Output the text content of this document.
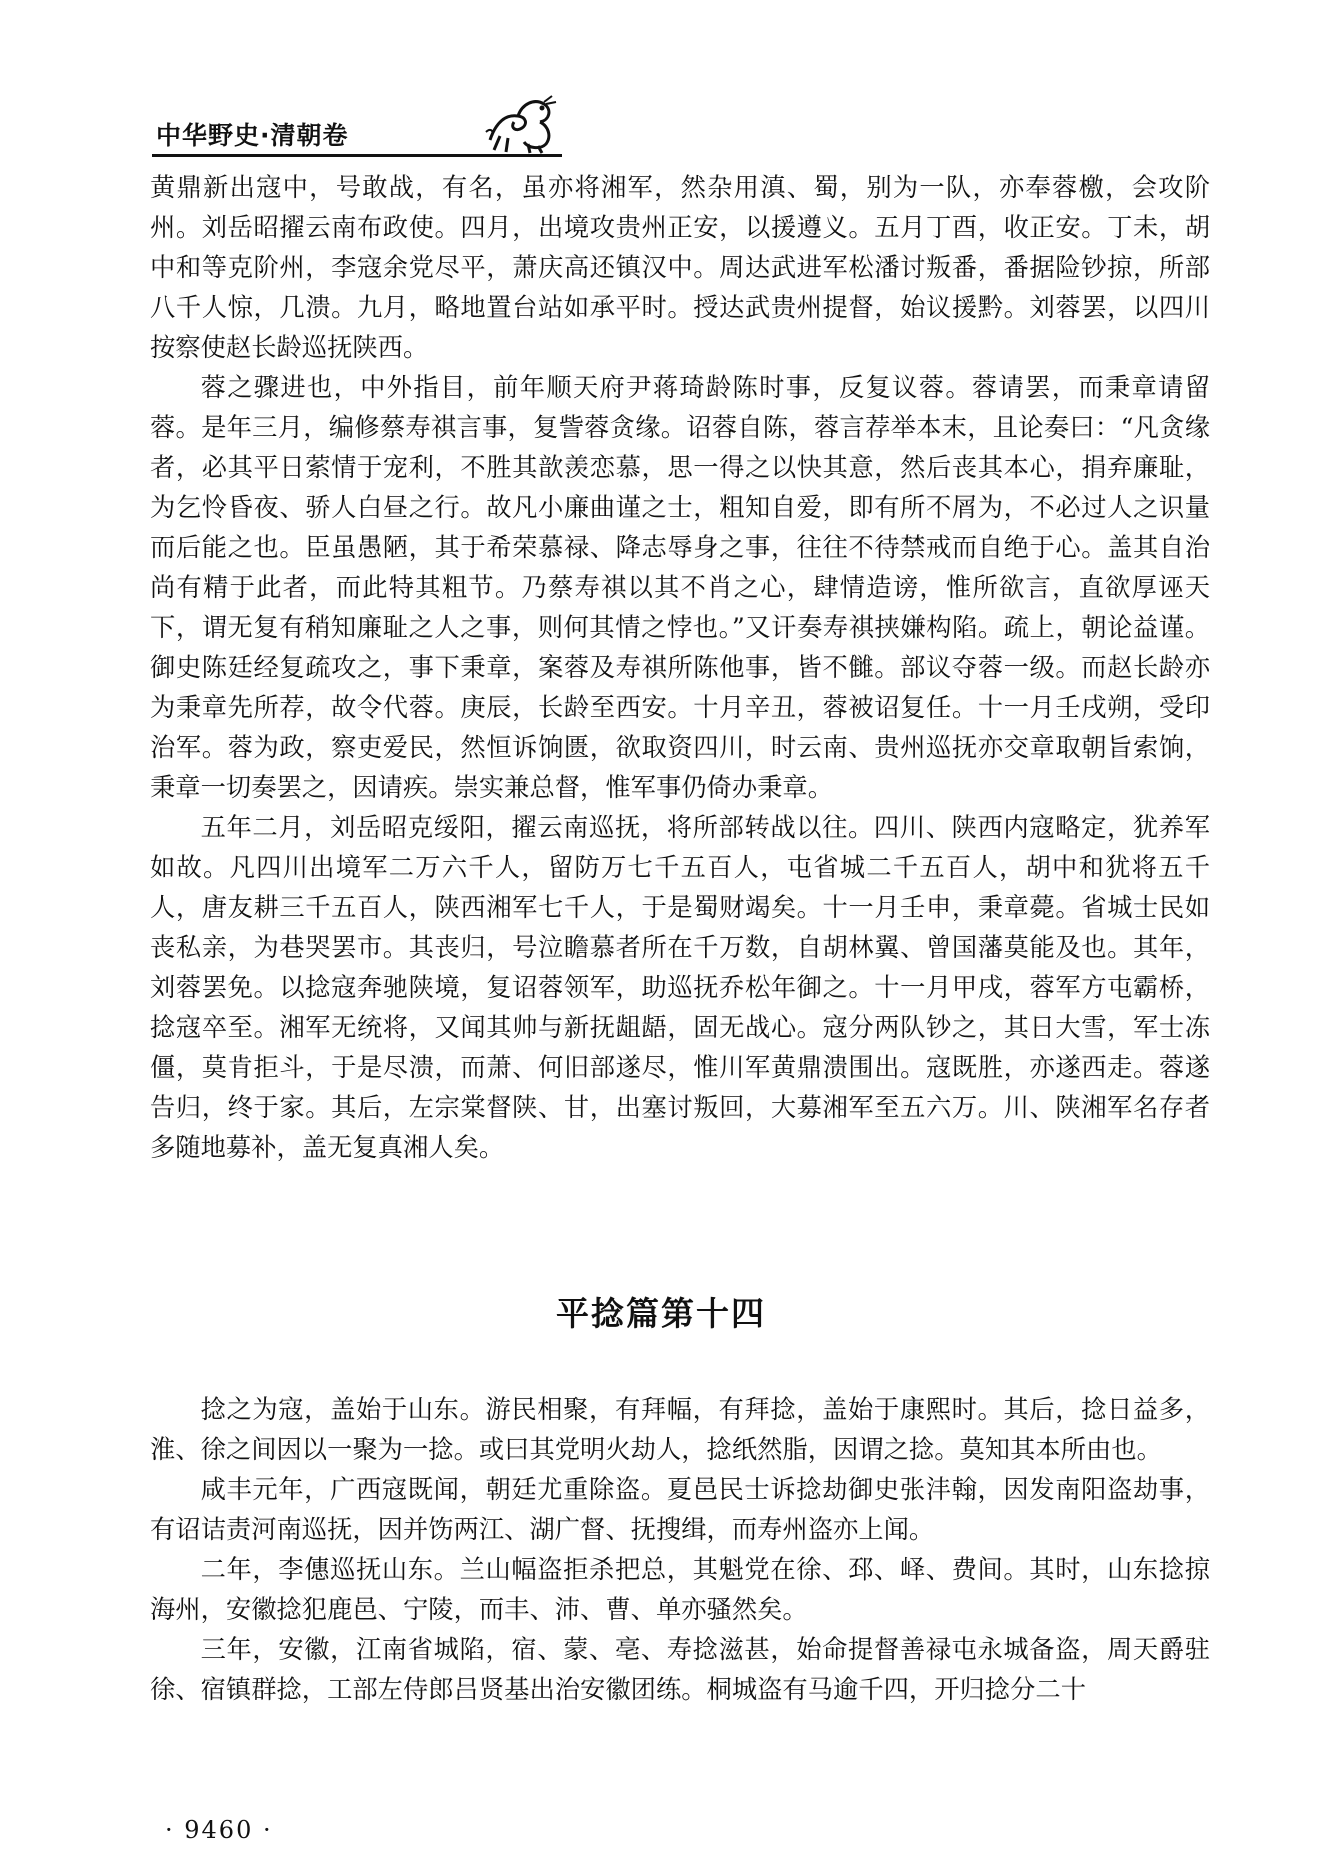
中华野史·清朝卷

黄鼎新出寇中，号敢战，有名，虽亦将湘军，然杂用滇、蜀，别为一队，亦奉蓉檄，会攻阶州。刘岳昭擢云南布政使。四月，出境攻贵州正安，以援遵义。五月丁酉，收正安。丁未，胡中和等克阶州，李寇余党尽平，萧庆高还镇汉中。周达武进军松潘讨叛番，番据险钞掠，所部八千人惊，几溃。九月，略地置台站如承平时。授达武贵州提督，始议援黔。刘蓉罢，以四川按察使赵长龄巡抚陕西。

蓉之骤进也，中外指目，前年顺天府尹蒋琦龄陈时事，反复议蓉。蓉请罢，而秉章请留蓉。是年三月，编修蔡寿祺言事，复訾蓉贪缘。诏蓉自陈，蓉言荐举本末，且论奏曰：“凡贪缘者，必其平日萦情于宠利，不胜其歆羡恋慕，思一得之以快其意，然后丧其本心，捐弃廉耻，为乞怜昏夜、骄人白昼之行。故凡小廉曲谨之士，粗知自爱，即有所不屑为，不必过人之识量而后能之也。臣虽愚陋，其于希荣慕禄、降志辱身之事，往往不待禁戒而自绝于心。盖其自治尚有精于此者，而此特其粗节。乃蔡寿祺以其不肖之心，肆情造谤，惟所欲言，直欲厚诬天下，谓无复有稍知廉耻之人之事，则何其情之悖也。”又讦奏寿祺挟嫌构陷。疏上，朝论益谨。御史陈廷经复疏攻之，事下秉章，案蓉及寿祺所陈他事，皆不雠。部议夺蓉一级。而赵长龄亦为秉章先所荐，故令代蓉。庚辰，长龄至西安。十月辛丑，蓉被诏复任。十一月壬戌朔，受印治军。蓉为政，察吏爱民，然恒诉饷匮，欲取资四川，时云南、贵州巡抚亦交章取朝旨索饷，秉章一切奏罢之，因请疾。崇实兼总督，惟军事仍倚办秉章。

五年二月，刘岳昭克绥阳，擢云南巡抚，将所部转战以往。四川、陕西内寇略定，犹养军如故。凡四川出境军二万六千人，留防万七千五百人，屯省城二千五百人，胡中和犹将五千人，唐友耕三千五百人，陕西湘军七千人，于是蜀财竭矣。十一月壬申，秉章薨。省城士民如丧私亲，为巷哭罢市。其丧归，号泣瞻慕者所在千万数，自胡林翼、曾国藩莫能及也。其年，刘蓉罢免。以捻寇奔驰陕境，复诏蓉领军，助巡抚乔松年御之。十一月甲戌，蓉军方屯霸桥，捻寇卒至。湘军无统将，又闻其帅与新抚龃龉，固无战心。寇分两队钞之，其日大雪，军士冻僵，莫肯拒斗，于是尽溃，而萧、何旧部遂尽，惟川军黄鼎溃围出。寇既胜，亦遂西走。蓉遂告归，终于家。其后，左宗棠督陕、甘，出塞讨叛回，大募湘军至五六万。川、陕湘军名存者多随地募补，盖无复真湘人矣。

平捻篇第十四

捻之为寇，盖始于山东。游民相聚，有拜幅，有拜捻，盖始于康熙时。其后，捻日益多，淮、徐之间因以一聚为一捻。或曰其党明火劫人，捻纸然脂，因谓之捻。莫知其本所由也。

咸丰元年，广西寇既闻，朝廷尤重除盗。夏邑民士诉捻劫御史张沣翰，因发南阳盗劫事，有诏诘责河南巡抚，因并饬两江、湖广督、抚搜缉，而寿州盗亦上闻。

二年，李僡巡抚山东。兰山幅盗拒杀把总，其魁党在徐、邳、峄、费间。其时，山东捻掠海州，安徽捻犯鹿邑、宁陵，而丰、沛、曹、单亦骚然矣。

三年，安徽，江南省城陷，宿、蒙、亳、寿捻滋甚，始命提督善禄屯永城备盗，周天爵驻徐、宿镇群捻，工部左侍郎吕贤基出治安徽团练。桐城盗有马逾千四，开归捻分二十

· 9460 ·
